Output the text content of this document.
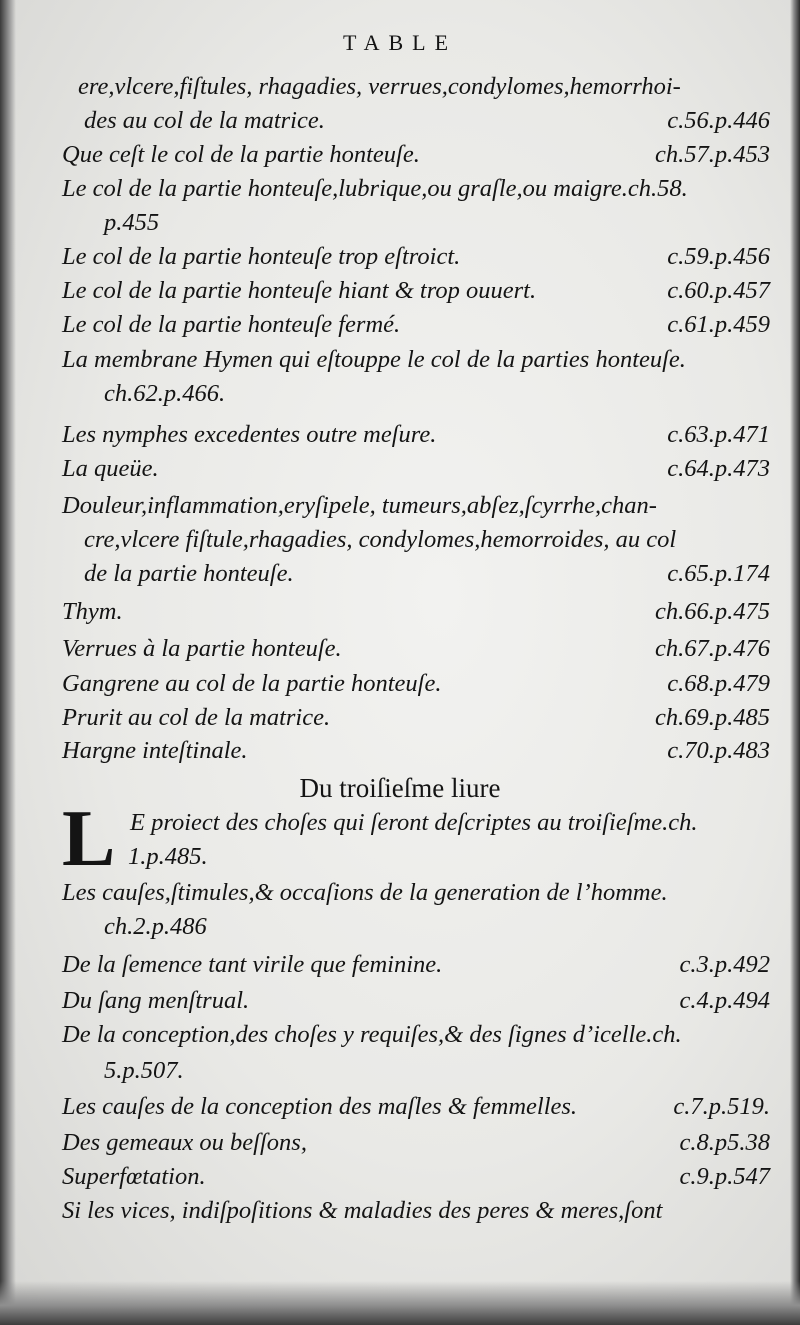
TABLE
ere,vlcere,fiſtules, rhagadies, verrues,condylomes,hemorrhoi-
des au col de la matrice.	c.56.p.446
Que ceſt le col de la partie honteuſe.	ch.57.p.453
Le col de la partie honteuſe,lubrique,ou graſle,ou maigre.ch.58.
p.455
Le col de la partie honteuſe trop eſtroict.	c.59.p.456
Le col de la partie honteuſe hiant & trop ouuert.	c.60.p.457
Le col de la partie honteuſe fermé.	c.61.p.459
La membrane Hymen qui eſtouppe le col de la parties honteuſe.
ch.62.p.466.
Les nymphes excedentes outre meſure.	c.63.p.471
La queüe.	c.64.p.473
Douleur,inflammation,eryſipele, tumeurs,abſez,ſcyrrhe,chan-
cre,vlcere fiſtule,rhagadies, condylomes,hemorroides, au col
de la partie honteuſe.	c.65.p.174
Thym.	ch.66.p.475
Verrues à la partie honteuſe.	ch.67.p.476
Gangrene au col de la partie honteuſe.	c.68.p.479
Prurit au col de la matrice.	ch.69.p.485
Hargne inteſtinale.	c.70.p.483
Du troiſieſme liure
L E proiect des choſes qui ſeront deſcriptes au troiſieſme.ch.
1.p.485.
Les cauſes,ſtimules,& occaſions de la generation de l’homme.
ch.2.p.486
De la ſemence tant virile que feminine.	c.3.p.492
Du ſang menſtrual.	c.4.p.494
De la conception,des choſes y requiſes,& des ſignes d’icelle.ch.
5.p.507.
Les cauſes de la conception des maſles & femmelles.	c.7.p.519.
Des gemeaux ou beſſons,	c.8.p5.38
Superfœtation.	c.9.p.547
Si les vices, indiſpoſitions & maladies des peres & meres,ſont
